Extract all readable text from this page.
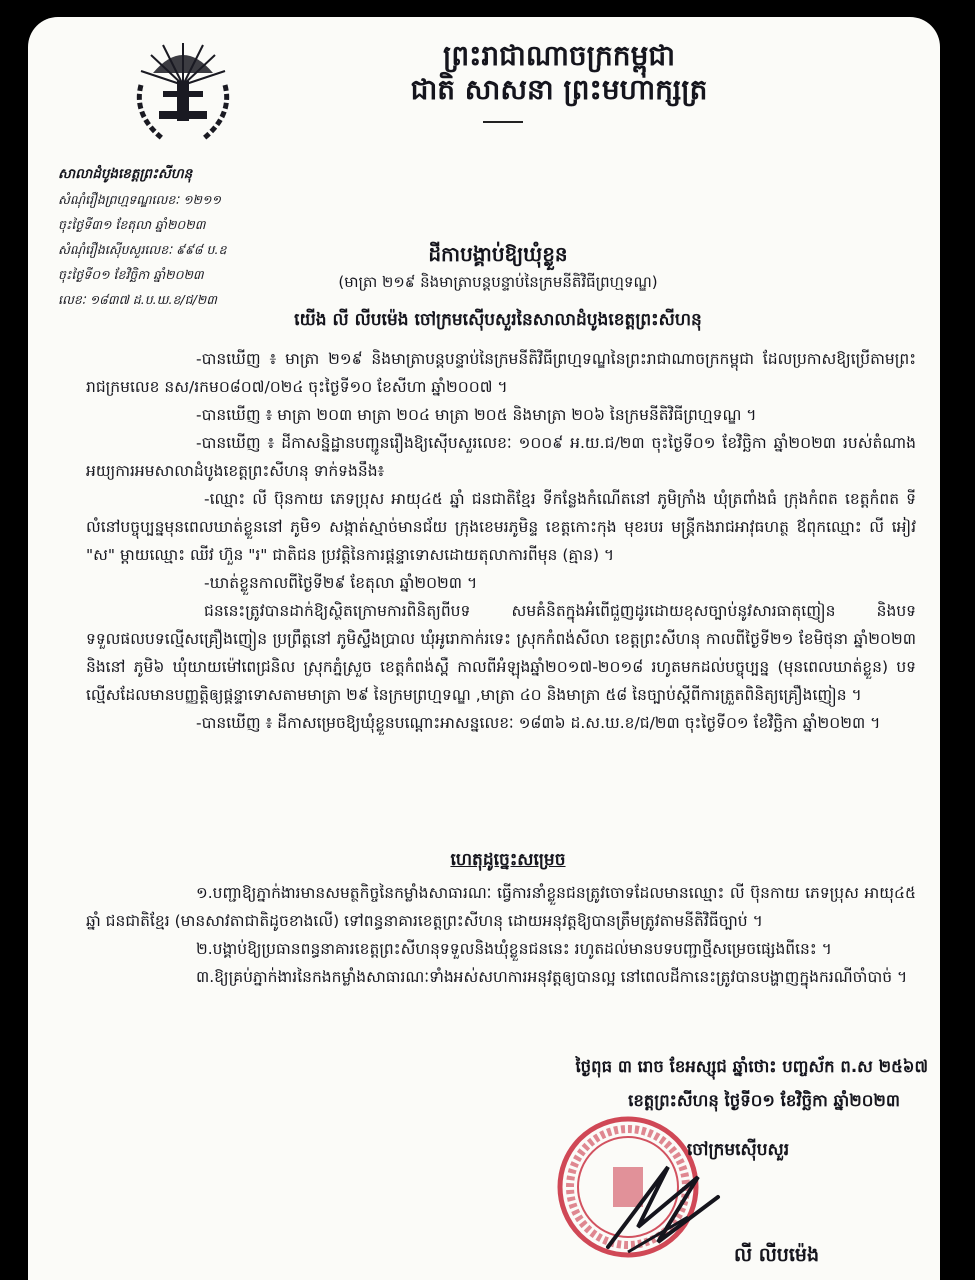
ព្រះរាជាណាចក្រកម្ពុជា
ជាតិ សាសនា ព្រះមហាក្សត្រ
សាលាដំបូងខេត្តព្រះសីហនុ
សំណុំរឿងព្រហ្មទណ្ឌលេខៈ ១២១១
ចុះថ្ងៃទី៣១ ខែតុលា ឆ្នាំ២០២៣
សំណុំរឿងស៊ើបសួរលេខៈ ៩៩៨ ប.ឧ
ចុះថ្ងៃទី០១ ខែវិច្ឆិកា ឆ្នាំ២០២៣
លេខៈ ១៨៣៧ ដ.ប.ឃ.ខ/ជ/២៣
ដីកាបង្គាប់ឱ្យឃុំខ្លួន
(មាត្រា ២១៩ និងមាត្រាបន្តបន្ទាប់នៃក្រមនីតិវិធីព្រហ្មទណ្ឌ)
យើង លី លីបម៉េង ចៅក្រមស៊ើបសួរនៃសាលាដំបូងខេត្តព្រះសីហនុ

-បានឃើញ ៖ មាត្រា ២១៩ និងមាត្រាបន្តបន្ទាប់នៃក្រមនីតិវិធីព្រហ្មទណ្ឌនៃព្រះរាជាណាចក្រកម្ពុជា ដែលប្រកាសឱ្យប្រើតាមព្រះរាជក្រមលេខ នស/រកម០៨០៧/០២៤ ចុះថ្ងៃទី១០ ខែសីហា ឆ្នាំ២០០៧ ។

-បានឃើញ ៖ មាត្រា ២០៣ មាត្រា ២០៤ មាត្រា ២០៥ និងមាត្រា ២០៦ នៃក្រមនីតិវិធីព្រហ្មទណ្ឌ ។

-បានឃើញ ៖ ដីកាសន្និដ្ឋានបញ្ជូនរឿងឱ្យស៊ើបសួរលេខៈ ១០០៩ អ.យ.ជ/២៣ ចុះថ្ងៃទី០១ ខែវិច្ឆិកា ឆ្នាំ២០២៣ របស់តំណាងអយ្យការអមសាលាដំបូងខេត្តព្រះសីហនុ ទាក់ទងនឹង៖

-ឈ្មោះ លី ប៊ុនកាយ ភេទប្រុស អាយុ៤៥ ឆ្នាំ ជនជាតិខ្មែរ ទីកន្លែងកំណើតនៅ ភូមិក្រាំង ឃុំត្រពាំងធំ ក្រុងកំពត ខេត្តកំពត ទីលំនៅបច្ចុប្បន្នមុនពេលឃាត់ខ្លួននៅ ភូមិ១ សង្កាត់ស្មាច់មានជ័យ ក្រុងខេមរភូមិន្ទ ខេត្តកោះកុង មុខរបរ មន្ត្រីកងរាជអាវុធហត្ថ ឪពុកឈ្មោះ លី អៀវ "ស" ម្ដាយឈ្មោះ ឈីវ ហ៊ួន "រ" ជាតិជន ប្រវត្តិនៃការផ្ដន្ទាទោសដោយតុលាការពីមុន (គ្មាន) ។

-ឃាត់ខ្លួនកាលពីថ្ងៃទី២៩ ខែតុលា ឆ្នាំ២០២៣ ។

ជននេះត្រូវបានដាក់ឱ្យស្ថិតក្រោមការពិនិត្យពីបទ សមគំនិតក្នុងអំពើជួញដូរដោយខុសច្បាប់នូវសារធាតុញៀន និងបទទទួលផលបទល្មើសគ្រឿងញៀន ប្រព្រឹត្តនៅ ភូមិស្ទឹងប្រាល ឃុំអូរោកាក់រទេះ ស្រុកកំពង់សីលា ខេត្តព្រះសីហនុ កាលពីថ្ងៃទី២១ ខែមិថុនា ឆ្នាំ២០២៣ និងនៅ ភូមិ៦ ឃុំយាយម៉ៅពេជ្រនិល ស្រុកភ្នំស្រួច ខេត្តកំពង់ស្ពឺ កាលពីអំឡុងឆ្នាំ២០១៧-២០១៨ រហូតមកដល់បច្ចុប្បន្ន (មុនពេលឃាត់ខ្លួន) បទល្មើសដែលមានបញ្ញត្តិឲ្យផ្ដន្ទាទោសតាមមាត្រា ២៩ នៃក្រមព្រហ្មទណ្ឌ ,មាត្រា ៤០ និងមាត្រា ៥៨ នៃច្បាប់ស្ដីពីការត្រួតពិនិត្យគ្រឿងញៀន ។

-បានឃើញ ៖ ដីកាសម្រេចឱ្យឃុំខ្លួនបណ្ដោះអាសន្នលេខៈ ១៨៣៦ ដ.ស.ឃ.ខ/ជ/២៣ ចុះថ្ងៃទី០១ ខែវិច្ឆិកា ឆ្នាំ២០២៣ ។

ហេតុដូច្នេះសម្រេច

១.បញ្ជាឱ្យភ្នាក់ងារមានសមត្ថកិច្ចនៃកម្លាំងសាធារណៈ ធ្វើការនាំខ្លួនជនត្រូវចោទដែលមានឈ្មោះ លី ប៊ុនកាយ ភេទប្រុស អាយុ៤៥ ឆ្នាំ ជនជាតិខ្មែរ (មានសាវតាជាតិដូចខាងលើ) ទៅពន្ធនាគារខេត្តព្រះសីហនុ ដោយអនុវត្តឱ្យបានត្រឹមត្រូវតាមនីតិវិធីច្បាប់ ។

២.បង្គាប់ឱ្យប្រធានពន្ធនាគារខេត្តព្រះសីហនុទទួលនិងឃុំខ្លួនជននេះ រហូតដល់មានបទបញ្ជាថ្មីសម្រេចផ្សេងពីនេះ ។

៣.ឱ្យគ្រប់ភ្នាក់ងារនៃកងកម្លាំងសាធារណៈទាំងអស់សហការអនុវត្តឲ្យបានល្អ នៅពេលដីកានេះត្រូវបានបង្ហាញក្នុងករណីចាំបាច់ ។

ថ្ងៃពុធ ៣ រោច ខែអស្សុជ ឆ្នាំថោះ បញ្ចស័ក ព.ស ២៥៦៧
ខេត្តព្រះសីហនុ ថ្ងៃទី០១ ខែវិច្ឆិកា ឆ្នាំ២០២៣
ចៅក្រមស៊ើបសួរ
លី លីបម៉េង
